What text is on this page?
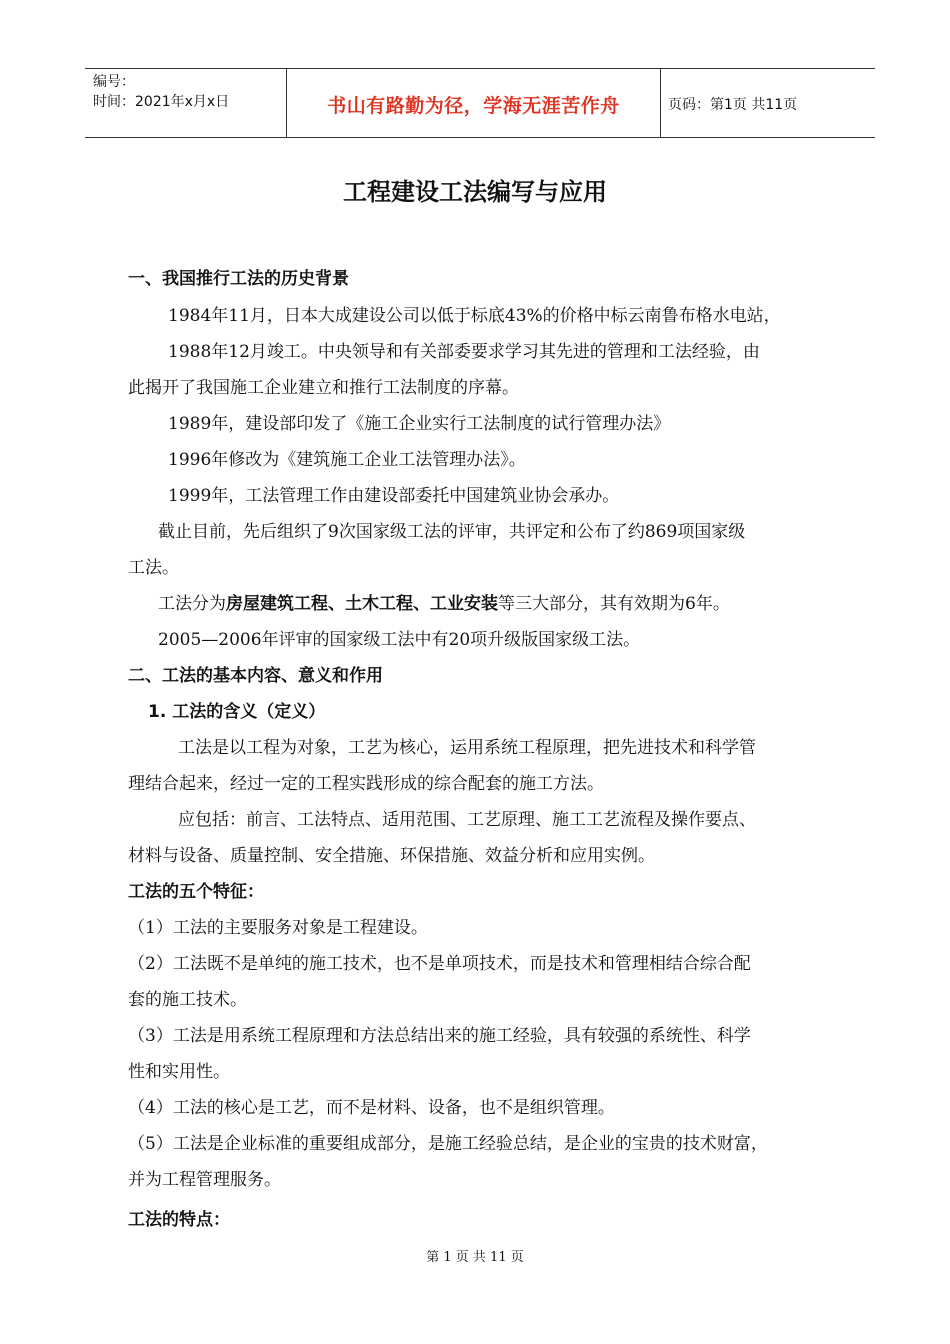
编号：
时间：2021年x月x日	书山有路勤为径，学海无涯苦作舟	页码：第1页 共11页
工程建设工法编写与应用
一、我国推行工法的历史背景
1984年11月，日本大成建设公司以低于标底43%的价格中标云南鲁布格水电站，
1988年12月竣工。中央领导和有关部委要求学习其先进的管理和工法经验，由
此揭开了我国施工企业建立和推行工法制度的序幕。
1989年，建设部印发了《施工企业实行工法制度的试行管理办法》
1996年修改为《建筑施工企业工法管理办法》。
1999年，工法管理工作由建设部委托中国建筑业协会承办。
截止目前，先后组织了9次国家级工法的评审，共评定和公布了约869项国家级
工法。
工法分为房屋建筑工程、土木工程、工业安装等三大部分，其有效期为6年。
2005—2006年评审的国家级工法中有20项升级版国家级工法。
二、工法的基本内容、意义和作用
1. 工法的含义（定义）
工法是以工程为对象，工艺为核心，运用系统工程原理，把先进技术和科学管
理结合起来，经过一定的工程实践形成的综合配套的施工方法。
应包括：前言、工法特点、适用范围、工艺原理、施工工艺流程及操作要点、
材料与设备、质量控制、安全措施、环保措施、效益分析和应用实例。
工法的五个特征：
（1）工法的主要服务对象是工程建设。
（2）工法既不是单纯的施工技术，也不是单项技术，而是技术和管理相结合综合配
套的施工技术。
（3）工法是用系统工程原理和方法总结出来的施工经验，具有较强的系统性、科学
性和实用性。
（4）工法的核心是工艺，而不是材料、设备，也不是组织管理。
（5）工法是企业标准的重要组成部分，是施工经验总结，是企业的宝贵的技术财富，
并为工程管理服务。
工法的特点：
第 1 页 共 11 页
